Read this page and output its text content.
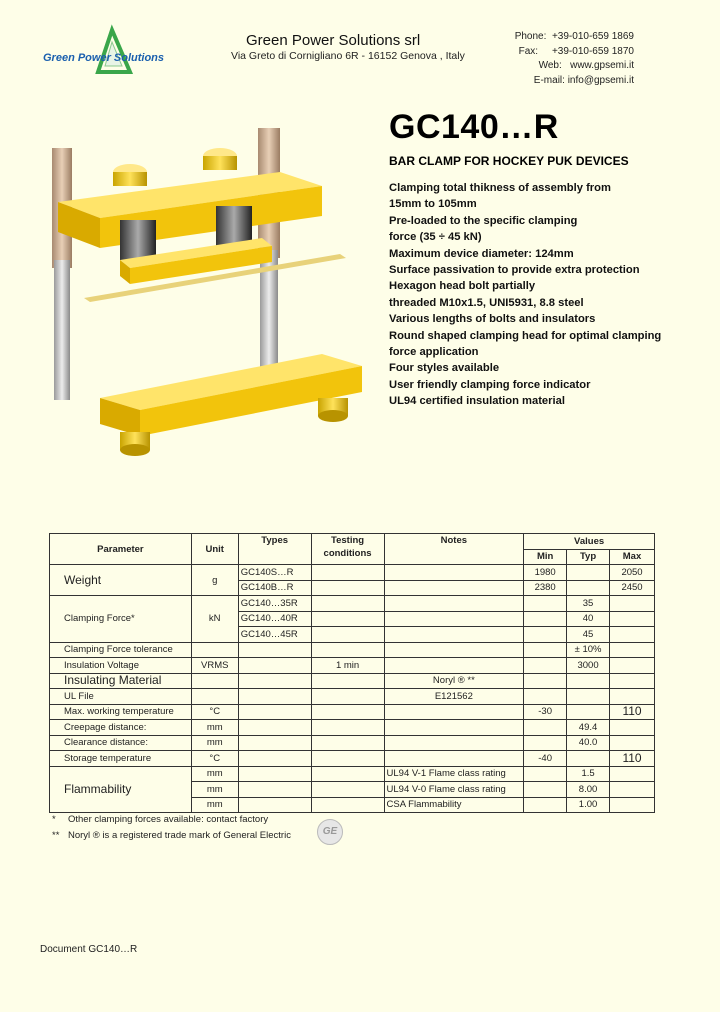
Green Power Solutions
Green Power Solutions srl
Via Greto di Cornigliano 6R - 16152 Genova , Italy
Phone: +39-010-659 1869
Fax: +39-010-659 1870
Web: www.gpsemi.it
E-mail: info@gpsemi.it
GC140…R
BAR CLAMP FOR HOCKEY PUK DEVICES
Clamping total thikness of assembly from
15mm to 105mm
Pre-loaded to the specific clamping
force (35 ÷ 45 kN)
Maximum device diameter: 124mm
Surface passivation to provide extra protection
Hexagon head bolt partially
threaded M10x1.5, UNI5931, 8.8 steel
Various lengths of bolts and insulators
Round shaped clamping head for optimal clamping
force application
Four styles available
User friendly clamping force indicator
UL94 certified insulation material
Parameter	Unit	Types	Testing conditions	Notes	Values		
					Min	Typ	Max
Weight	g	GC140S…R			1980		2050
		GC140B…R			2380		2450
Clamping Force*	kN	GC140…35R				35	
		GC140…40R				40	
		GC140…45R				45	
Clamping Force tolerance						± 10%	
Insulation Voltage	VRMS		1 min			3000	
Insulating Material				Noryl ® **			
UL File				E121562			
Max. working temperature	°C				-30		110
Creepage distance:	mm					49.4	
Clearance distance:	mm					40.0	
Storage temperature	°C				-40		110
Flammability	mm			UL94 V-1 Flame class rating		1.5	
	mm			UL94 V-0 Flame class rating		8.00	
	mm			CSA Flammability		1.00	
* Other clamping forces available: contact factory
** Noryl ® is a registered trade mark of General Electric	GE
Document GC140…R
